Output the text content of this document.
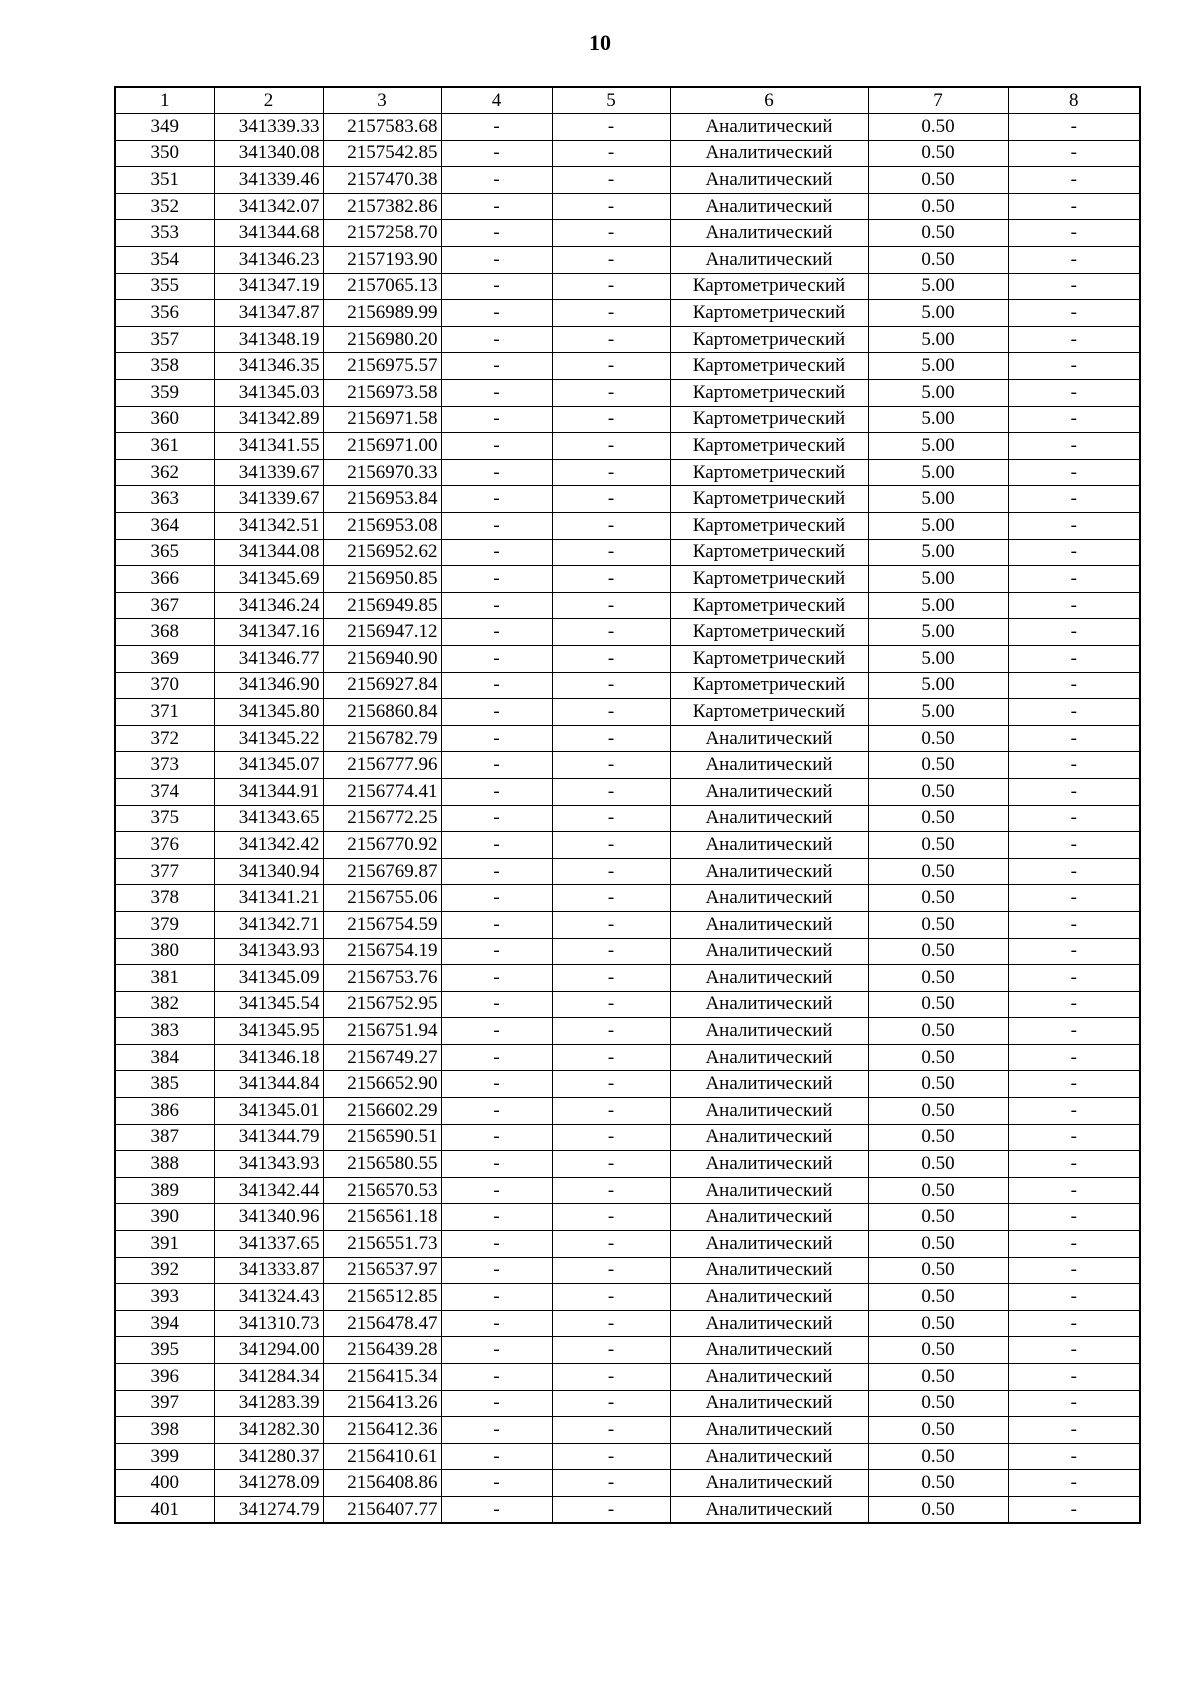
10
1	2	3	4	5	6	7	8
349	341339.33	2157583.68	-	-	Аналитический	0.50	-
350	341340.08	2157542.85	-	-	Аналитический	0.50	-
351	341339.46	2157470.38	-	-	Аналитический	0.50	-
352	341342.07	2157382.86	-	-	Аналитический	0.50	-
353	341344.68	2157258.70	-	-	Аналитический	0.50	-
354	341346.23	2157193.90	-	-	Аналитический	0.50	-
355	341347.19	2157065.13	-	-	Картометрический	5.00	-
356	341347.87	2156989.99	-	-	Картометрический	5.00	-
357	341348.19	2156980.20	-	-	Картометрический	5.00	-
358	341346.35	2156975.57	-	-	Картометрический	5.00	-
359	341345.03	2156973.58	-	-	Картометрический	5.00	-
360	341342.89	2156971.58	-	-	Картометрический	5.00	-
361	341341.55	2156971.00	-	-	Картометрический	5.00	-
362	341339.67	2156970.33	-	-	Картометрический	5.00	-
363	341339.67	2156953.84	-	-	Картометрический	5.00	-
364	341342.51	2156953.08	-	-	Картометрический	5.00	-
365	341344.08	2156952.62	-	-	Картометрический	5.00	-
366	341345.69	2156950.85	-	-	Картометрический	5.00	-
367	341346.24	2156949.85	-	-	Картометрический	5.00	-
368	341347.16	2156947.12	-	-	Картометрический	5.00	-
369	341346.77	2156940.90	-	-	Картометрический	5.00	-
370	341346.90	2156927.84	-	-	Картометрический	5.00	-
371	341345.80	2156860.84	-	-	Картометрический	5.00	-
372	341345.22	2156782.79	-	-	Аналитический	0.50	-
373	341345.07	2156777.96	-	-	Аналитический	0.50	-
374	341344.91	2156774.41	-	-	Аналитический	0.50	-
375	341343.65	2156772.25	-	-	Аналитический	0.50	-
376	341342.42	2156770.92	-	-	Аналитический	0.50	-
377	341340.94	2156769.87	-	-	Аналитический	0.50	-
378	341341.21	2156755.06	-	-	Аналитический	0.50	-
379	341342.71	2156754.59	-	-	Аналитический	0.50	-
380	341343.93	2156754.19	-	-	Аналитический	0.50	-
381	341345.09	2156753.76	-	-	Аналитический	0.50	-
382	341345.54	2156752.95	-	-	Аналитический	0.50	-
383	341345.95	2156751.94	-	-	Аналитический	0.50	-
384	341346.18	2156749.27	-	-	Аналитический	0.50	-
385	341344.84	2156652.90	-	-	Аналитический	0.50	-
386	341345.01	2156602.29	-	-	Аналитический	0.50	-
387	341344.79	2156590.51	-	-	Аналитический	0.50	-
388	341343.93	2156580.55	-	-	Аналитический	0.50	-
389	341342.44	2156570.53	-	-	Аналитический	0.50	-
390	341340.96	2156561.18	-	-	Аналитический	0.50	-
391	341337.65	2156551.73	-	-	Аналитический	0.50	-
392	341333.87	2156537.97	-	-	Аналитический	0.50	-
393	341324.43	2156512.85	-	-	Аналитический	0.50	-
394	341310.73	2156478.47	-	-	Аналитический	0.50	-
395	341294.00	2156439.28	-	-	Аналитический	0.50	-
396	341284.34	2156415.34	-	-	Аналитический	0.50	-
397	341283.39	2156413.26	-	-	Аналитический	0.50	-
398	341282.30	2156412.36	-	-	Аналитический	0.50	-
399	341280.37	2156410.61	-	-	Аналитический	0.50	-
400	341278.09	2156408.86	-	-	Аналитический	0.50	-
401	341274.79	2156407.77	-	-	Аналитический	0.50	-
